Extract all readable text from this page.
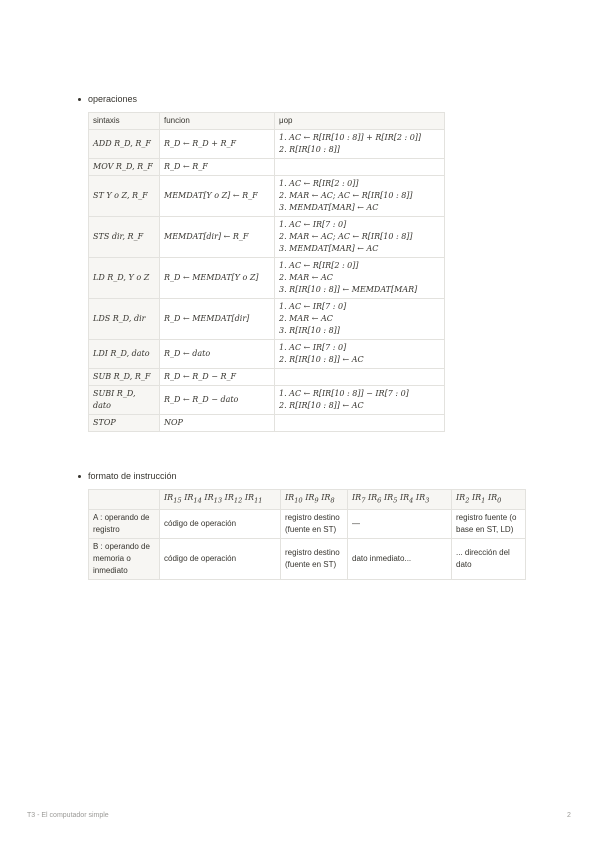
operaciones
sintaxis	funcion	μop
ADD R_D, R_F	R_D ← R_D + R_F	1. AC ← R[IR[10 : 8]] + R[IR[2 : 0]]
2. R[IR[10 : 8]]

MOV R_D, R_F	R_D ← R_F	
ST Y o Z, R_F	MEMDAT[Y o Z] ← R_F	1. AC ← R[IR[2 : 0]]
2. MAR ← AC; AC ← R[IR[10 : 8]]
3. MEMDAT[MAR] ← AC

STS dir, R_F	MEMDAT[dir] ← R_F	1. AC ← IR[7 : 0]
2. MAR ← AC; AC ← R[IR[10 : 8]]
3. MEMDAT[MAR] ← AC

LD R_D, Y o Z	R_D ← MEMDAT[Y o Z]	1. AC ← R[IR[2 : 0]]
2. MAR ← AC
3. R[IR[10 : 8]] ← MEMDAT[MAR]

LDS R_D, dir	R_D ← MEMDAT[dir]	1. AC ← IR[7 : 0]
2. MAR ← AC
3. R[IR[10 : 8]]

LDI R_D, dato	R_D ← dato	1. AC ← IR[7 : 0]
2. R[IR[10 : 8]] ← AC

SUB R_D, R_F	R_D ← R_D − R_F	
SUBI R_D, dato	R_D ← R_D − dato	1. AC ← R[IR[10 : 8]] − IR[7 : 0]
2. R[IR[10 : 8]] ← AC

STOP	NOP	
formato de instrucción
	$IR_{15}$ $IR_{14}$ $IR_{13}$ $IR_{12}$ $IR_{11}$	$IR_{10}$ $IR_9$ $IR_8$	$IR_7$ $IR_6$ $IR_5$ $IR_4$ $IR_3$	$IR_2$ $IR_1$ $IR_0$
A : operando de registro	código de operación	registro destino (fuente en ST)	—	registro fuente (o base en ST, LD)
B : operando de memoria o inmediato	código de operación	registro destino (fuente en ST)	dato inmediato...	... dirección del dato
T3 - El computador simple	2
